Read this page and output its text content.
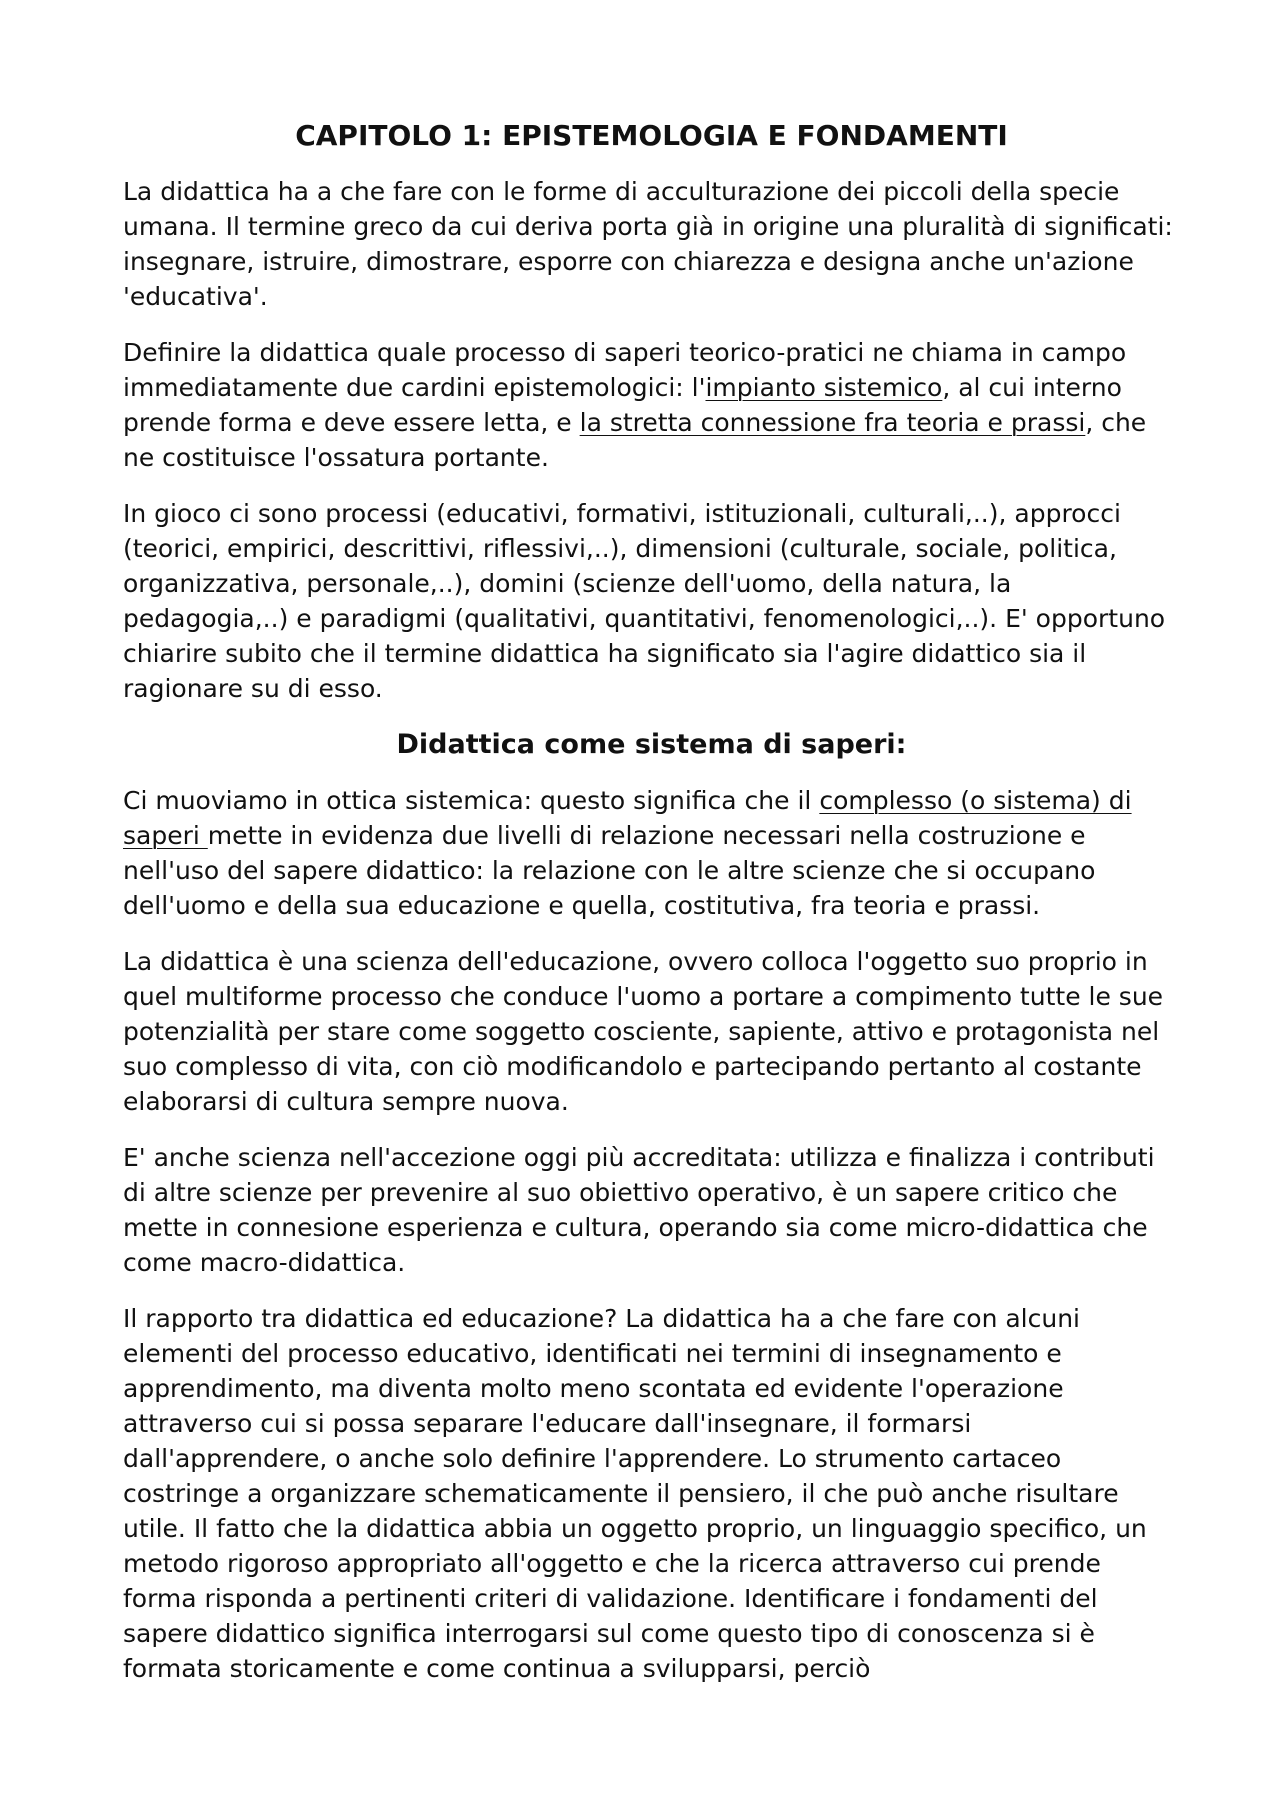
CAPITOLO 1: EPISTEMOLOGIA E FONDAMENTI

La didattica ha a che fare con le forme di acculturazione dei piccoli della specie umana. Il termine greco da cui deriva porta già in origine una pluralità di significati: insegnare, istruire, dimostrare, esporre con chiarezza e designa anche un'azione 'educativa'.

Definire la didattica quale processo di saperi teorico-pratici ne chiama in campo immediatamente due cardini epistemologici: l'impianto sistemico, al cui interno prende forma e deve essere letta, e la stretta connessione fra teoria e prassi, che ne costituisce l'ossatura portante.

In gioco ci sono processi (educativi, formativi, istituzionali, culturali,..), approcci (teorici, empirici, descrittivi, riflessivi,..), dimensioni (culturale, sociale, politica, organizzativa, personale,..), domini (scienze dell'uomo, della natura, la pedagogia,..) e paradigmi (qualitativi, quantitativi, fenomenologici,..). E' opportuno chiarire subito che il termine didattica ha significato sia l'agire didattico sia il ragionare su di esso.

Didattica come sistema di saperi:

Ci muoviamo in ottica sistemica: questo significa che il complesso (o sistema) di saperi mette in evidenza due livelli di relazione necessari nella costruzione e nell'uso del sapere didattico: la relazione con le altre scienze che si occupano dell'uomo e della sua educazione e quella, costitutiva, fra teoria e prassi.

La didattica è una scienza dell'educazione, ovvero colloca l'oggetto suo proprio in quel multiforme processo che conduce l'uomo a portare a compimento tutte le sue potenzialità per stare come soggetto cosciente, sapiente, attivo e protagonista nel suo complesso di vita, con ciò modificandolo e partecipando pertanto al costante elaborarsi di cultura sempre nuova.

E' anche scienza nell'accezione oggi più accreditata: utilizza e finalizza i contributi di altre scienze per prevenire al suo obiettivo operativo, è un sapere critico che mette in connesione esperienza e cultura, operando sia come micro-didattica che come macro-didattica.

Il rapporto tra didattica ed educazione? La didattica ha a che fare con alcuni elementi del processo educativo, identificati nei termini di insegnamento e apprendimento, ma diventa molto meno scontata ed evidente l'operazione attraverso cui si possa separare l'educare dall'insegnare, il formarsi dall'apprendere, o anche solo definire l'apprendere. Lo strumento cartaceo costringe a organizzare schematicamente il pensiero, il che può anche risultare utile. Il fatto che la didattica abbia un oggetto proprio, un linguaggio specifico, un metodo rigoroso appropriato all'oggetto e che la ricerca attraverso cui prende forma risponda a pertinenti criteri di validazione. Identificare i fondamenti del sapere didattico significa interrogarsi sul come questo tipo di conoscenza si è formata storicamente e come continua a svilupparsi, perciò
